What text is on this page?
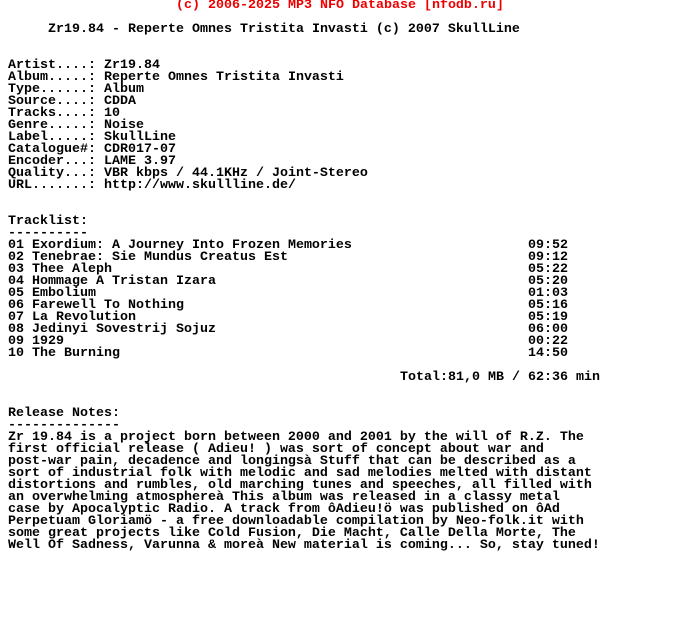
(c) 2006-2025 MP3 NFO Database [nfodb.ru]
Zr19.84 - Reperte Omnes Tristita Invasti (c) 2007 SkullLine
Artist....: Zr19.84
Album.....: Reperte Omnes Tristita Invasti
Type......: Album
Source....: CDDA
Tracks....: 10
Genre.....: Noise
Label.....: SkullLine
Catalogue#: CDR017-07
Encoder...: LAME 3.97
Quality...: VBR kbps / 44.1KHz / Joint-Stereo
URL.......: http://www.skullline.de/
Tracklist:
----------
01 Exordium: A Journey Into Frozen Memories	09:52
02 Tenebrae: Sie Mundus Creatus Est	09:12
03 Thee Aleph	05:22
04 Hommage A Tristan Izara	05:20
05 Embolium	01:03
06 Farewell To Nothing	05:16
07 La Revolution	05:19
08 Jedinyi Sovestrij Sojuz	06:00
09 1929	00:22
10 The Burning	14:50
Total:81,0 MB / 62:36 min
Release Notes:
--------------
Zr 19.84 is a project born between 2000 and 2001 by the will of R.Z. The
first official release ( Adieu! ) was sort of concept about war and
post-war pain, decadence and longingsà Stuff that can be described as a
sort of industrial folk with melodic and sad melodies melted with distant
distortions and rumbles, old marching tunes and speeches, all filled with
an overwhelming atmosphereà This album was released in a classy metal
case by Apocalyptic Radio. A track from ôAdieu!ö was published on ôAd
Perpetuam Gloriamö - a free downloadable compilation by Neo-folk.it with
some great projects like Cold Fusion, Die Macht, Calle Della Morte, The
Well Of Sadness, Varunna & moreà New material is coming... So, stay tuned!
